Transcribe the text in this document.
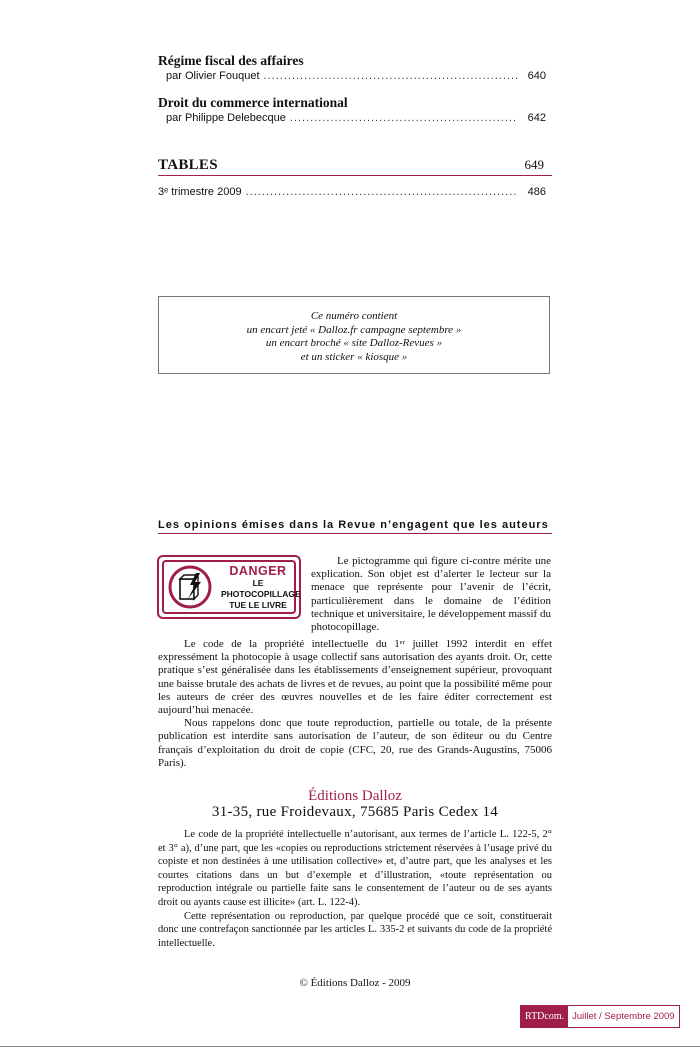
Régime fiscal des affaires
par Olivier Fouquet .....	640
Droit du commerce international
par Philippe Delebecque .....	642
TABLES	649
3ᵉ trimestre 2009 .....	486
Ce numéro contient
un encart jeté « Dalloz.fr campagne septembre »
un encart broché « site Dalloz-Revues »
et un sticker « kiosque »
Les opinions émises dans la Revue n’engagent que les auteurs
DANGER
LE
PHOTOCOPILLAGE
TUE LE LIVRE

Le pictogramme qui figure ci-contre mérite une explication. Son objet est d’alerter le lecteur sur la menace que représente pour l’avenir de l’écrit, particulièrement dans le domaine de l’édition technique et universitaire, le développement massif du photocopillage.

Le code de la propriété intellectuelle du 1ᵉʳ juillet 1992 interdit en effet expressément la photocopie à usage collectif sans autorisation des ayants droit. Or, cette pratique s’est généralisée dans les établissements d’enseignement supérieur, provoquant une baisse brutale des achats de livres et de revues, au point que la possibilité même pour les auteurs de créer des œuvres nouvelles et de les faire éditer correctement est aujourd’hui menacée.

Nous rappelons donc que toute reproduction, partielle ou totale, de la présente publication est interdite sans autorisation de l’auteur, de son éditeur ou du Centre français d’exploitation du droit de copie (CFC, 20, rue des Grands-Augustins, 75006 Paris).

Éditions Dalloz
31-35, rue Froidevaux, 75685 Paris Cedex 14

Le code de la propriété intellectuelle n’autorisant, aux termes de l’article L. 122-5, 2° et 3° a), d’une part, que les «copies ou reproductions strictement réservées à l’usage privé du copiste et non destinées à une utilisation collective» et, d’autre part, que les analyses et les courtes citations dans un but d’exemple et d’illustration, «toute représentation ou reproduction intégrale ou partielle faite sans le consentement de l’auteur ou de ses ayants droit ou ayants cause est illicite» (art. L. 122-4).

Cette représentation ou reproduction, par quelque procédé que ce soit, constituerait donc une contrefaçon sanctionnée par les articles L. 335-2 et suivants du code de la propriété intellectuelle.

© Éditions Dalloz - 2009
RTDcom. Juillet / Septembre 2009
